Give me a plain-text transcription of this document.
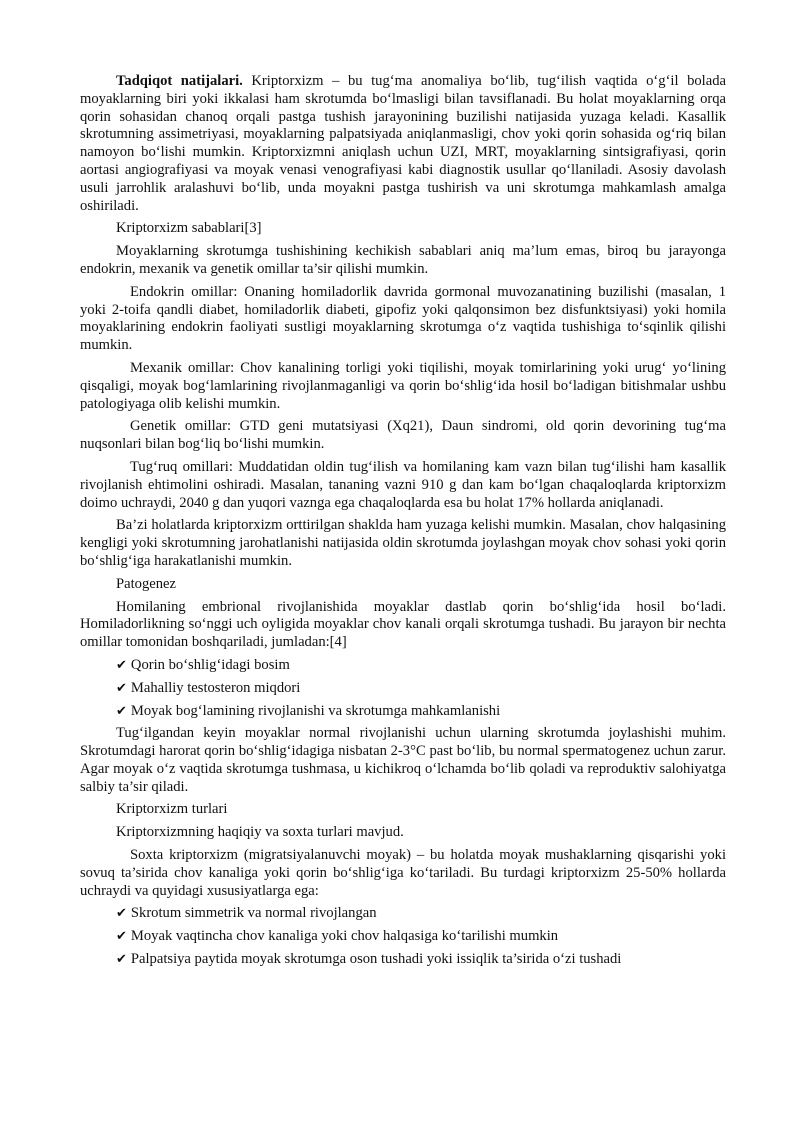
Tadqiqot natijalari. Kriptorxizm – bu tug‘ma anomaliya bo‘lib, tug‘ilish vaqtida o‘g‘il bolada moyaklarning biri yoki ikkalasi ham skrotumda bo‘lmasligi bilan tavsiflanadi. Bu holat moyaklarning orqa qorin sohasidan chanoq orqali pastga tushish jarayonining buzilishi natijasida yuzaga keladi. Kasallik skrotumning assimetriyasi, moyaklarning palpatsiyada aniqlanmasligi, chov yoki qorin sohasida og‘riq bilan namoyon bo‘lishi mumkin. Kriptorxizmni aniqlash uchun UZI, MRT, moyaklarning sintsigrafiyasi, qorin aortasi angiografiyasi va moyak venasi venografiyasi kabi diagnostik usullar qo‘llaniladi. Asosiy davolash usuli jarrohlik aralashuvi bo‘lib, unda moyakni pastga tushirish va uni skrotumga mahkamlash amalga oshiriladi.

Kriptorxizm sabablari[3]

Moyaklarning skrotumga tushishining kechikish sabablari aniq ma’lum emas, biroq bu jarayonga endokrin, mexanik va genetik omillar ta’sir qilishi mumkin.

Endokrin omillar: Onaning homiladorlik davrida gormonal muvozanatining buzilishi (masalan, 1 yoki 2-toifa qandli diabet, homiladorlik diabeti, gipofiz yoki qalqonsimon bez disfunktsiyasi) yoki homila moyaklarining endokrin faoliyati sustligi moyaklarning skrotumga o‘z vaqtida tushishiga to‘sqinlik qilishi mumkin.

Mexanik omillar: Chov kanalining torligi yoki tiqilishi, moyak tomirlarining yoki urug‘ yo‘lining qisqaligi, moyak bog‘lamlarining rivojlanmaganligi va qorin bo‘shlig‘ida hosil bo‘ladigan bitishmalar ushbu patologiyaga olib kelishi mumkin.

Genetik omillar: GTD geni mutatsiyasi (Xq21), Daun sindromi, old qorin devorining tug‘ma nuqsonlari bilan bog‘liq bo‘lishi mumkin.

Tug‘ruq omillari: Muddatidan oldin tug‘ilish va homilaning kam vazn bilan tug‘ilishi ham kasallik rivojlanish ehtimolini oshiradi. Masalan, tananing vazni 910 g dan kam bo‘lgan chaqaloqlarda kriptorxizm doimo uchraydi, 2040 g dan yuqori vaznga ega chaqaloqlarda esa bu holat 17% hollarda aniqlanadi.

Ba’zi holatlarda kriptorxizm orttirilgan shaklda ham yuzaga kelishi mumkin. Masalan, chov halqasining kengligi yoki skrotumning jarohatlanishi natijasida oldin skrotumda joylashgan moyak chov sohasi yoki qorin bo‘shlig‘iga harakatlanishi mumkin.

Patogenez

Homilaning embrional rivojlanishida moyaklar dastlab qorin bo‘shlig‘ida hosil bo‘ladi. Homiladorlikning so‘nggi uch oyligida moyaklar chov kanali orqali skrotumga tushadi. Bu jarayon bir nechta omillar tomonidan boshqariladi, jumladan:[4]

✔ Qorin bo‘shlig‘idagi bosim

✔ Mahalliy testosteron miqdori

✔ Moyak bog‘lamining rivojlanishi va skrotumga mahkamlanishi

Tug‘ilgandan keyin moyaklar normal rivojlanishi uchun ularning skrotumda joylashishi muhim. Skrotumdagi harorat qorin bo‘shlig‘idagiga nisbatan 2-3°C past bo‘lib, bu normal spermatogenez uchun zarur. Agar moyak o‘z vaqtida skrotumga tushmasa, u kichikroq o‘lchamda bo‘lib qoladi va reproduktiv salohiyatga salbiy ta’sir qiladi.

Kriptorxizm turlari

Kriptorxizmning haqiqiy va soxta turlari mavjud.

Soxta kriptorxizm (migratsiyalanuvchi moyak) – bu holatda moyak mushaklarning qisqarishi yoki sovuq ta’sirida chov kanaliga yoki qorin bo‘shlig‘iga ko‘tariladi. Bu turdagi kriptorxizm 25-50% hollarda uchraydi va quyidagi xususiyatlarga ega:

✔ Skrotum simmetrik va normal rivojlangan

✔ Moyak vaqtincha chov kanaliga yoki chov halqasiga ko‘tarilishi mumkin

✔ Palpatsiya paytida moyak skrotumga oson tushadi yoki issiqlik ta’sirida o‘zi tushadi
